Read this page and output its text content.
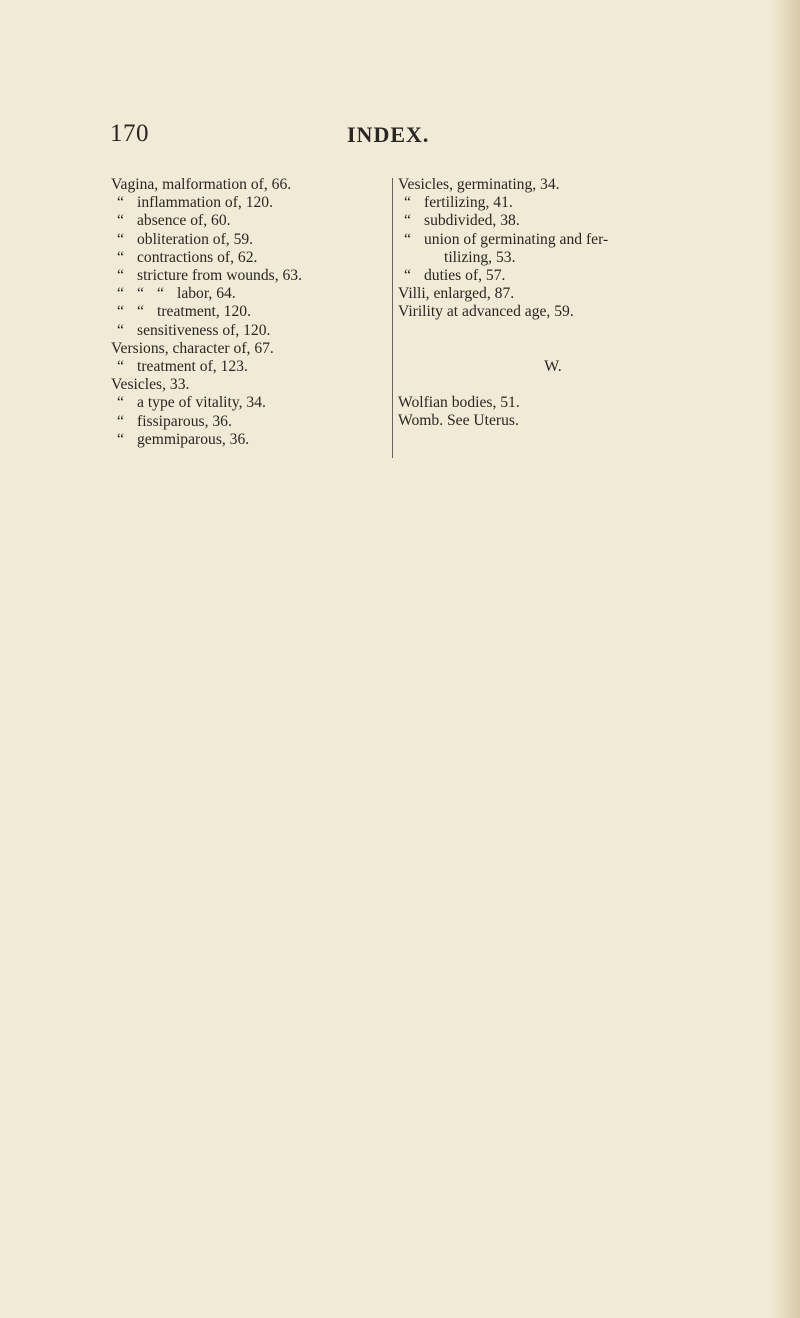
170	INDEX.
Vagina, malformation of, 66.
“ inflammation of, 120.
“ absence of, 60.
“ obliteration of, 59.
“ contractions of, 62.
“ stricture from wounds, 63.
“ “ “ labor, 64.
“ “ treatment, 120.
“ sensitiveness of, 120.
Versions, character of, 67.
“ treatment of, 123.
Vesicles, 33.
“ a type of vitality, 34.
“ fissiparous, 36.
“ gemmiparous, 36.
Vesicles, germinating, 34.
“ fertilizing, 41.
“ subdivided, 38.
“ union of germinating and fer-
tilizing, 53.
“ duties of, 57.
Villi, enlarged, 87.
Virility at advanced age, 59.
W.
Wolfian bodies, 51.
Womb. See Uterus.
